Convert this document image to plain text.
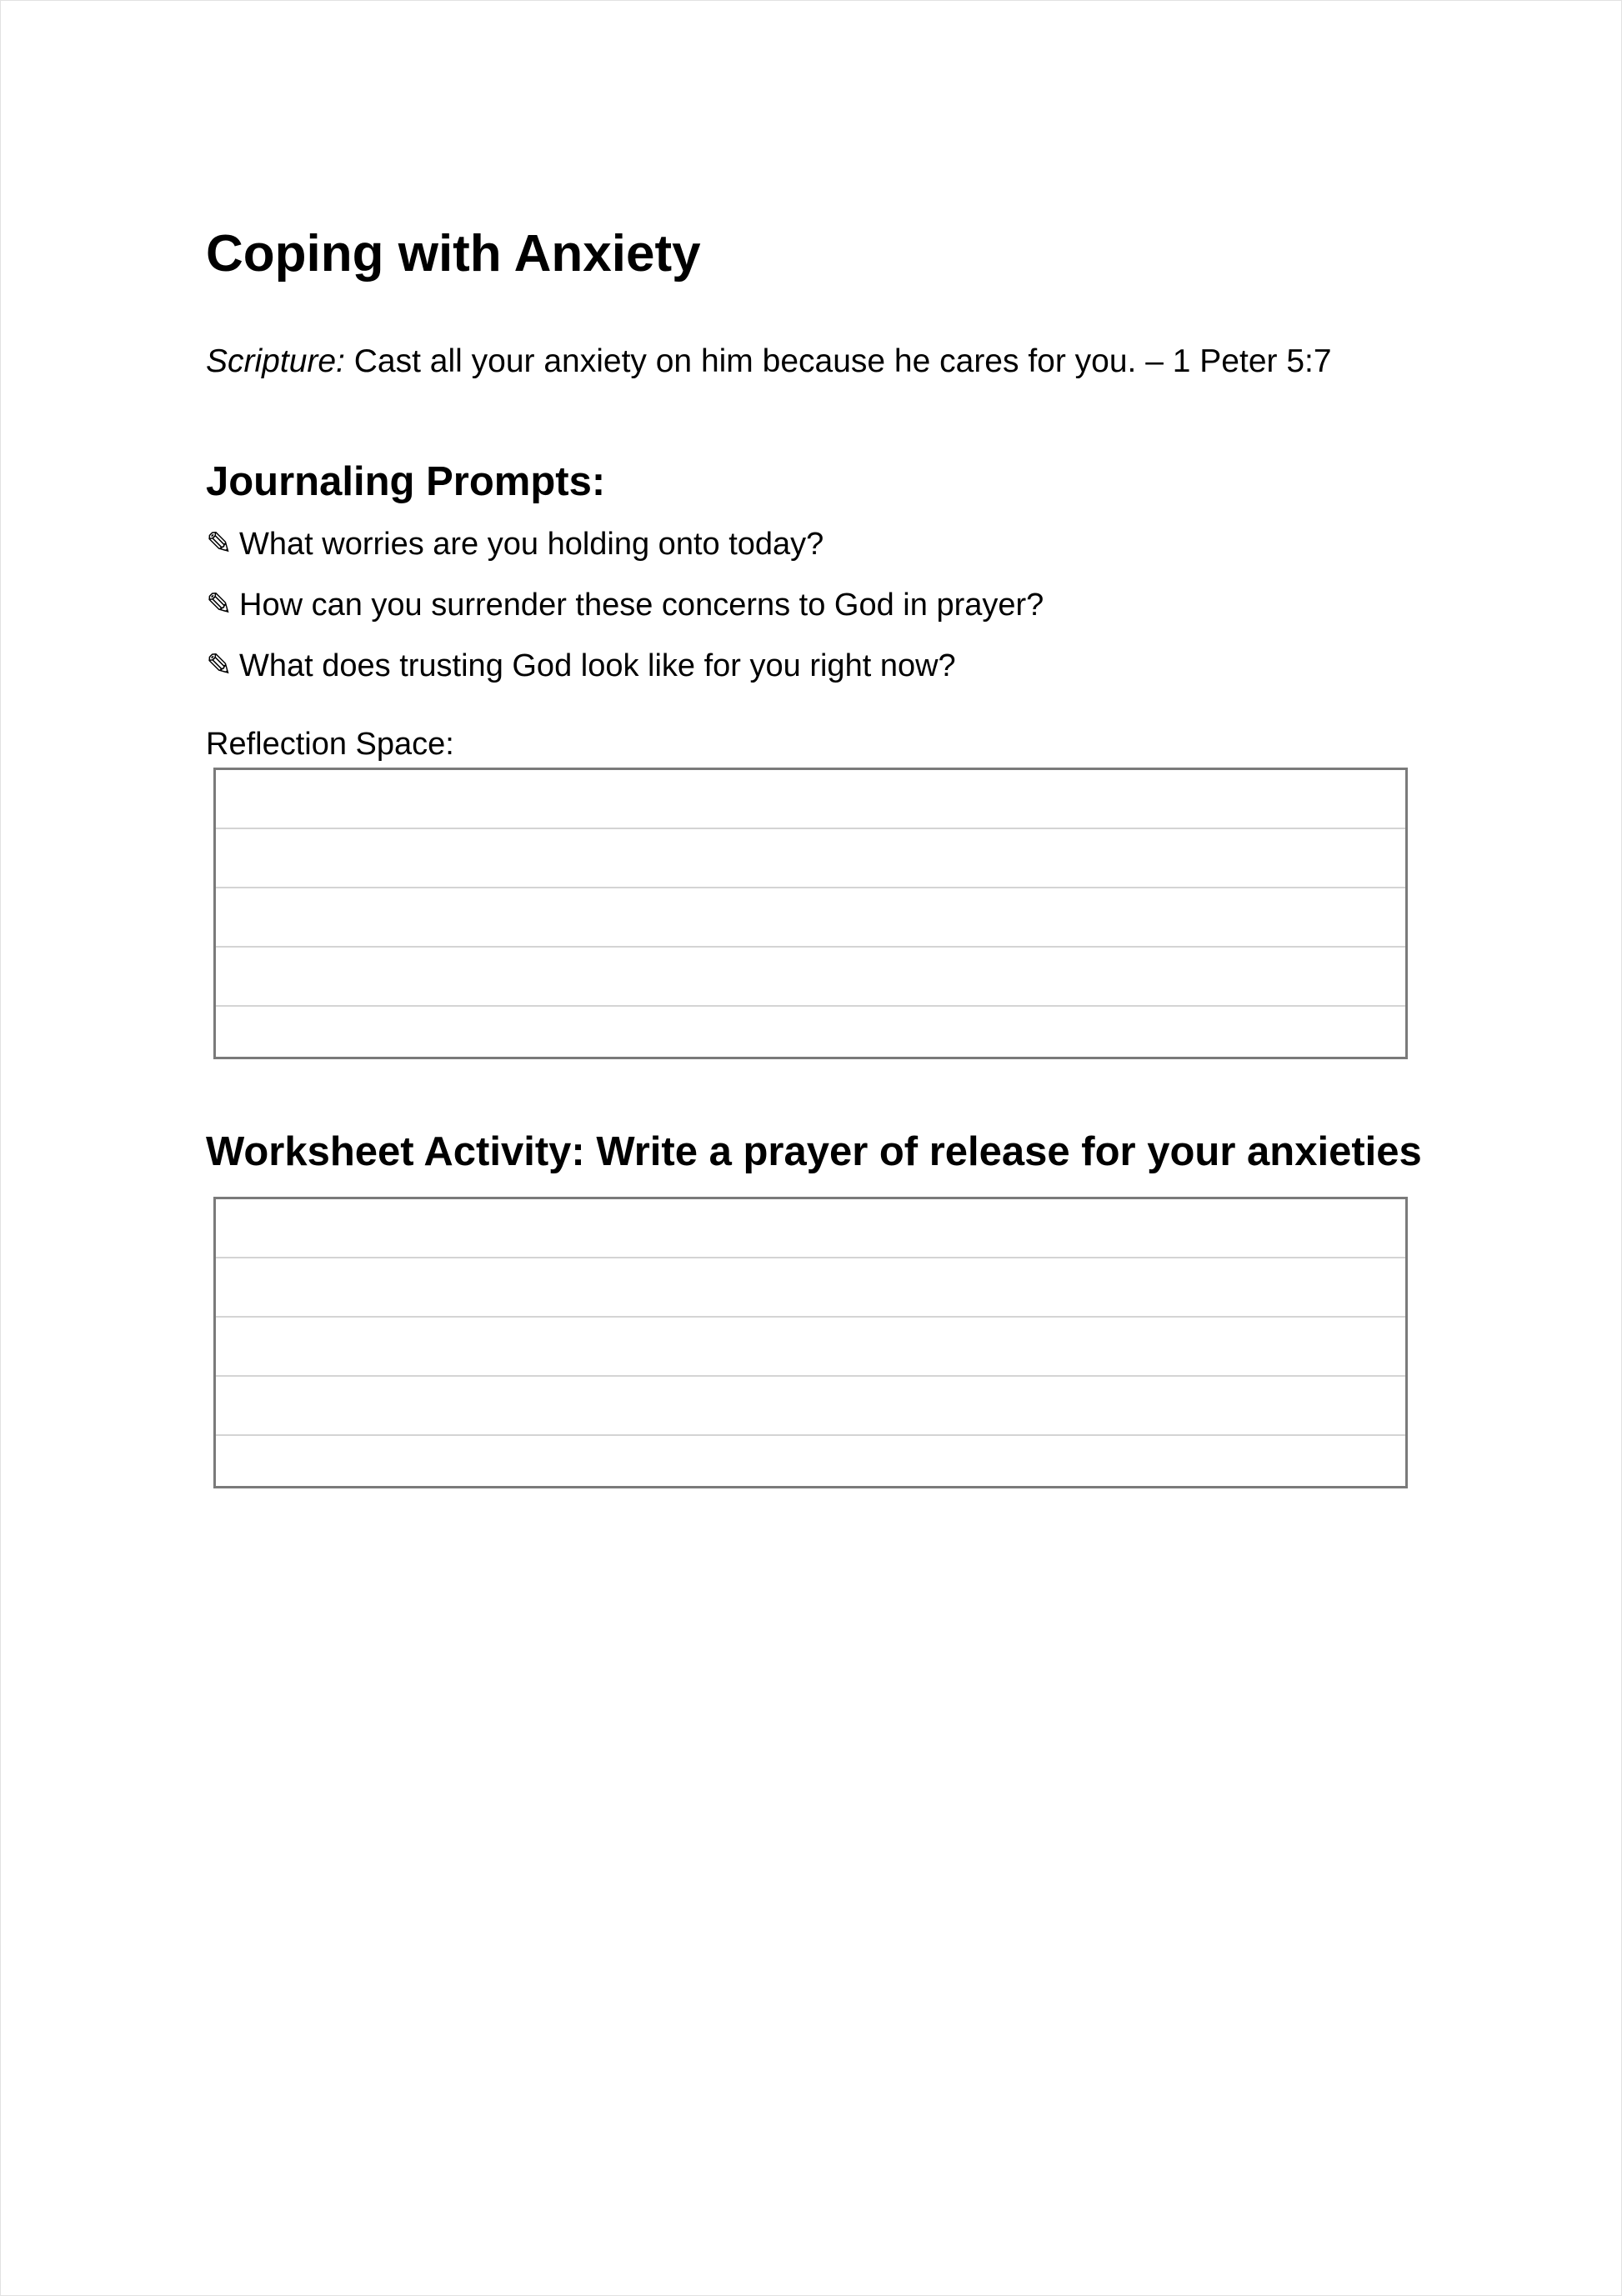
Coping with Anxiety
Scripture: Cast all your anxiety on him because he cares for you. – 1 Peter 5:7
Journaling Prompts:
✎ What worries are you holding onto today?
✎ How can you surrender these concerns to God in prayer?
✎ What does trusting God look like for you right now?
Reflection Space:
Worksheet Activity: Write a prayer of release for your anxieties
